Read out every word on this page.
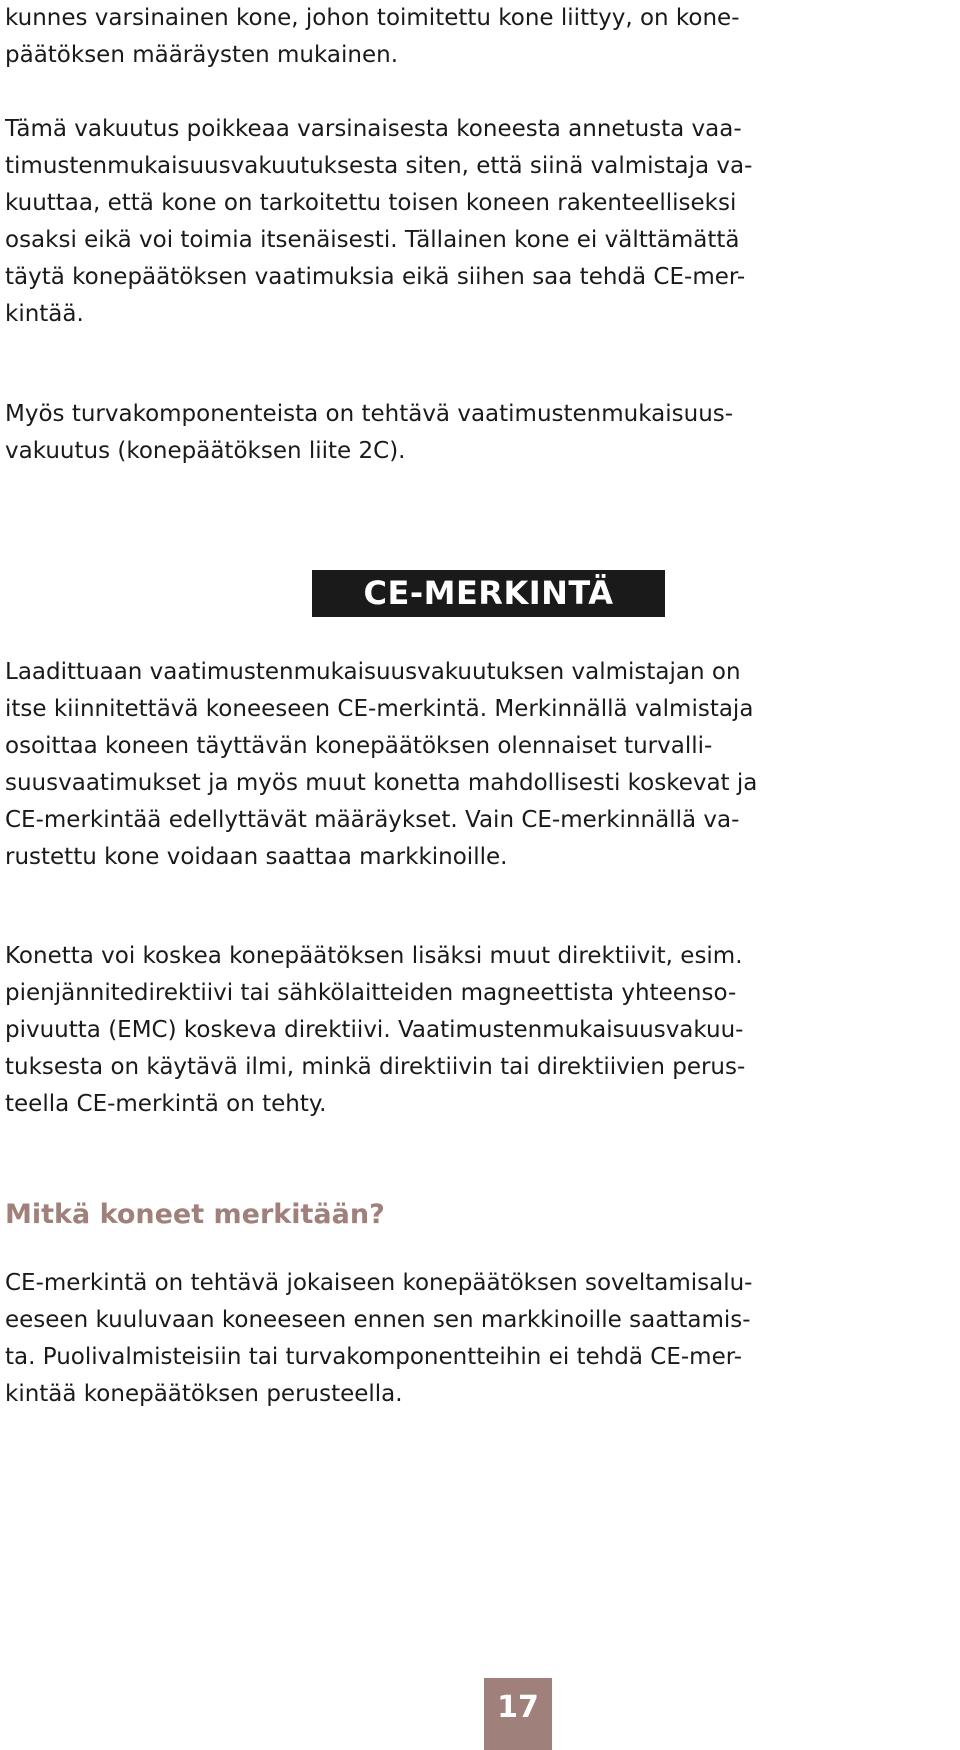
kunnes varsinainen kone, johon toimitettu kone liittyy, on kone-
päätöksen määräysten mukainen.

Tämä vakuutus poikkeaa varsinaisesta koneesta annetusta vaa-
timustenmukaisuusvakuutuksesta siten, että siinä valmistaja va-
kuuttaa, että kone on tarkoitettu toisen koneen rakenteelliseksi
osaksi eikä voi toimia itsenäisesti. Tällainen kone ei välttämättä
täytä konepäätöksen vaatimuksia eikä siihen saa tehdä CE-mer-
kintää.

Myös turvakomponenteista on tehtävä vaatimustenmukaisuus-
vakuutus (konepäätöksen liite 2C).

CE-MERKINTÄ

Laadittuaan vaatimustenmukaisuusvakuutuksen valmistajan on
itse kiinnitettävä koneeseen CE-merkintä. Merkinnällä valmistaja
osoittaa koneen täyttävän konepäätöksen olennaiset turvalli-
suusvaatimukset ja myös muut konetta mahdollisesti koskevat ja
CE-merkintää edellyttävät määräykset. Vain CE-merkinnällä va-
rustettu kone voidaan saattaa markkinoille.

Konetta voi koskea konepäätöksen lisäksi muut direktiivit, esim.
pienjännitedirektiivi tai sähkölaitteiden magneettista yhteenso-
pivuutta (EMC) koskeva direktiivi. Vaatimustenmukaisuusvakuu-
tuksesta on käytävä ilmi, minkä direktiivin tai direktiivien perus-
teella CE-merkintä on tehty.

Mitkä koneet merkitään?

CE-merkintä on tehtävä jokaiseen konepäätöksen soveltamisalu-
eeseen kuuluvaan koneeseen ennen sen markkinoille saattamis-
ta. Puolivalmisteisiin tai turvakomponentteihin ei tehdä CE-mer-
kintää konepäätöksen perusteella.

17
